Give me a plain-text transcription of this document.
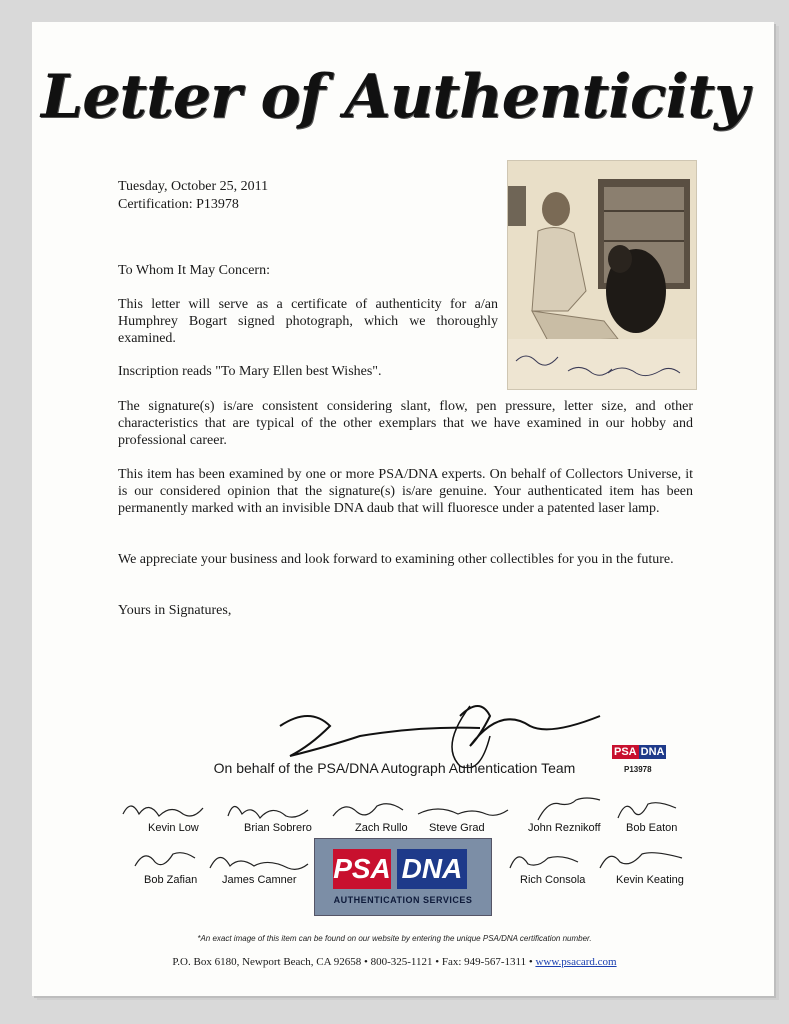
Letter of Authenticity
Tuesday, October 25, 2011
Certification: P13978
To Whom It May Concern:
This letter will serve as a certificate of authenticity for a/an Humphrey Bogart signed photograph, which we thoroughly examined.
Inscription reads "To Mary Ellen best Wishes".
The signature(s) is/are consistent considering slant, flow, pen pressure, letter size, and other characteristics that are typical of the other exemplars that we have examined in our hobby and professional career.
This item has been examined by one or more PSA/DNA experts. On behalf of Collectors Universe, it is our considered opinion that the signature(s) is/are genuine. Your authenticated item has been permanently marked with an invisible DNA daub that will fluoresce under a patented laser lamp.
We appreciate your business and look forward to examining other collectibles for you in the future.
Yours in Signatures,
On behalf of the PSA/DNA Autograph Authentication Team
PSA DNA
P13978
Kevin Low	Brian Sobrero	Zach Rullo Steve Grad	John Reznikoff Bob Eaton
Bob Zafian James Camner	Rich Consola	Kevin Keating
PSA DNA
AUTHENTICATION SERVICES
*An exact image of this item can be found on our website by entering the unique PSA/DNA certification number.
P.O. Box 6180, Newport Beach, CA 92658 • 800-325-1121 • Fax: 949-567-1311 • www.psacard.com
